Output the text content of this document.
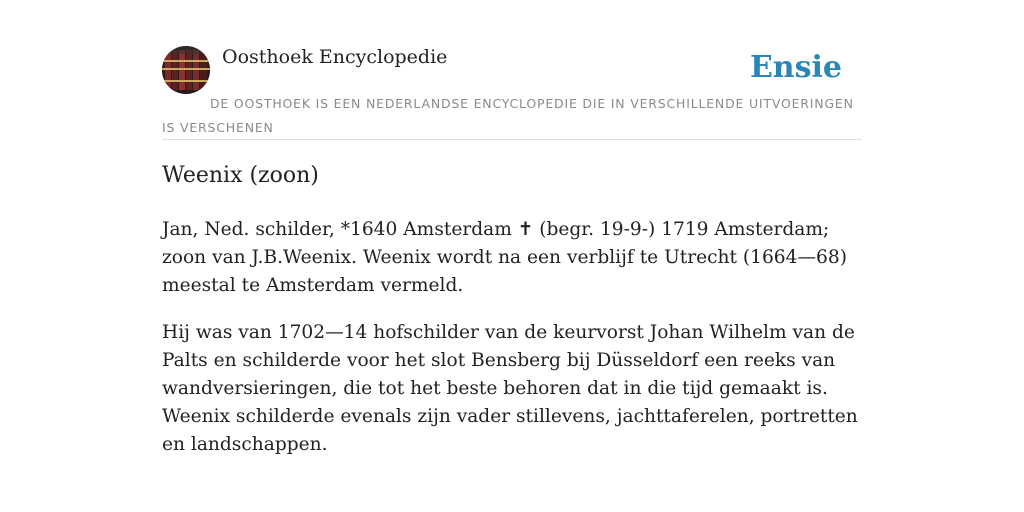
Oosthoek Encyclopedie	Ensie
DE OOSTHOEK IS EEN NEDERLANDSE ENCYCLOPEDIE DIE IN VERSCHILLENDE UITVOERINGEN IS VERSCHENEN
Weenix (zoon)

Jan, Ned. schilder, *1640 Amsterdam ✝ (begr. 19-9-) 1719 Amsterdam; zoon van J.B.Weenix. Weenix wordt na een verblijf te Utrecht (1664—68) meestal te Amsterdam vermeld.

Hij was van 1702—14 hofschilder van de keurvorst Johan Wilhelm van de Palts en schilderde voor het slot Bensberg bij Düsseldorf een reeks van wandversieringen, die tot het beste behoren dat in die tijd gemaakt is. Weenix schilderde evenals zijn vader stillevens, jachttaferelen, portretten en landschappen.
